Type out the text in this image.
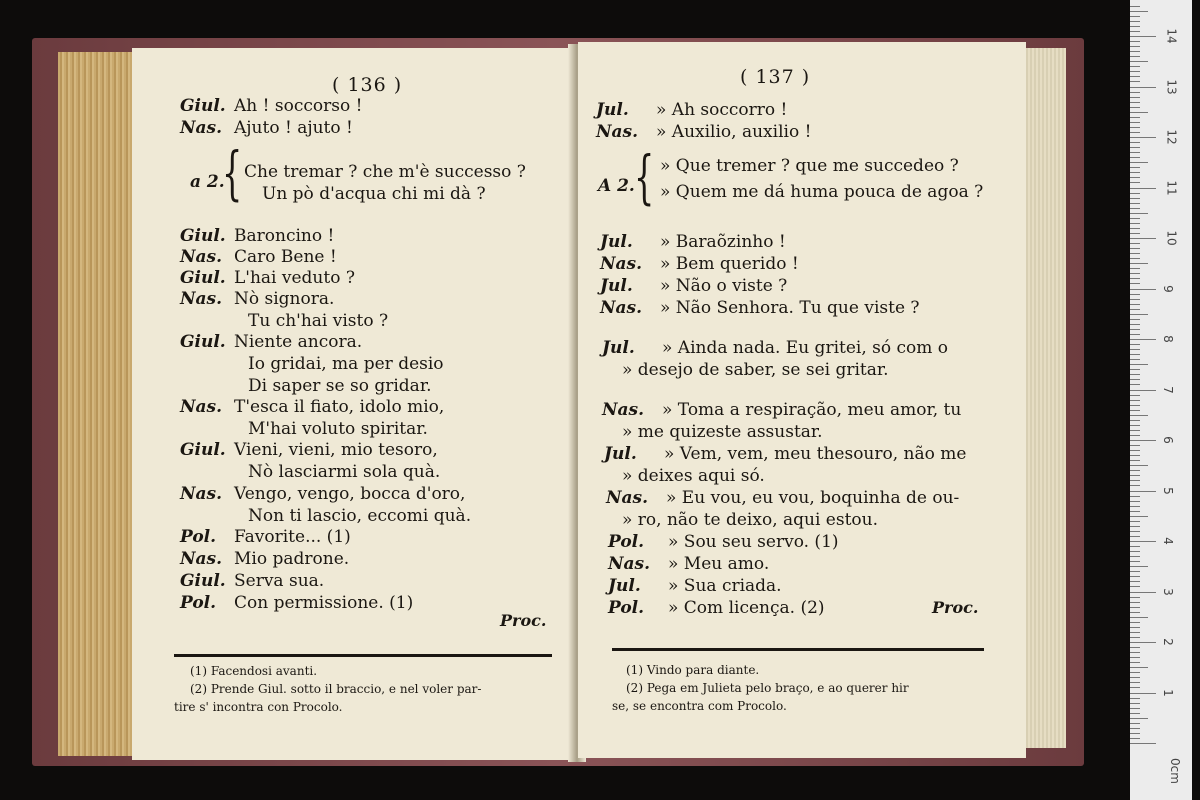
( 136 )
Giul. Ah ! soccorso !
Nas. Ajuto ! ajuto !
a 2.
{ Che tremar ? che m'è successo ?
Un pò d'acqua chi mi dà ?
Giul. Baroncino !
Nas. Caro Bene !
Giul. L'hai veduto ?
Nas. Nò signora.
Tu ch'hai visto ?
Giul. Niente ancora.
Io gridai, ma per desio
Di saper se so gridar.
Nas. T'esca il fiato, idolo mio,
M'hai voluto spiritar.
Giul. Vieni, vieni, mio tesoro,
Nò lasciarmi sola quà.
Nas. Vengo, vengo, bocca d'oro,
Non ti lascio, eccomi quà.
Pol. Favorite... (1)
Nas. Mio padrone.
Giul. Serva sua.
Pol. Con permissione. (1)
Proc.
(1) Facendosi avanti.
(2) Prende Giul. sotto il braccio, e nel voler par-
tire s' incontra con Procolo.
( 137 )
Jul. » Ah soccorro !
Nas. » Auxilio, auxilio !
A 2. { » Que tremer ? que me succedeo ?
» Quem me dá huma pouca de agoa ?
Jul. » Baraõzinho !
Nas. » Bem querido !
Jul. » Não o viste ?
Nas. » Não Senhora. Tu que viste ?
Jul. » Ainda nada. Eu gritei, só com o
» desejo de saber, se sei gritar.
Nas. » Toma a respiração, meu amor, tu
» me quizeste assustar.
Jul. » Vem, vem, meu thesouro, não me
» deixes aqui só.
Nas. » Eu vou, eu vou, boquinha de ou-
» ro, não te deixo, aqui estou.
Pol. » Sou seu servo. (1)
Nas. » Meu amo.
Jul. » Sua criada.
Pol. » Com licença. (2)	Proc.
(1) Vindo para diante.
(2) Pega em Julieta pelo braço, e ao querer hir
se, se encontra com Procolo.
0cm
1
2
3
4
5
6
7
8
9
10
11
12
13
14
